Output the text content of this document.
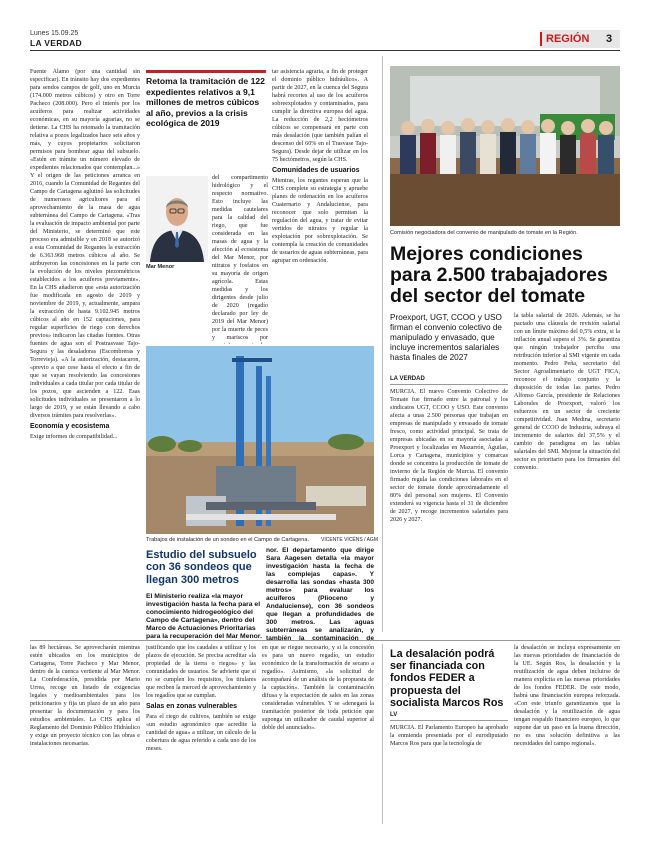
Lunes 15.09.25
LA VERDAD	REGIÓN 3

Fuente Álamo (por una cantidad sin especificar). En tránsito hay dos expedientes para sendos campos de golf, uno en Murcia (174.000 metros cúbicos) y otro en Torre Pacheco (208.000). Pero el interés por los acuíferos para realizar actividades económicas, en su mayoría agrarias, no se detiene. La CHS ha retomado la tramitación relativa a pozos legalizados hace seis años y más, y cuyos propietarios solicitaron permisos para bombear agua del subsuelo. «Estén en trámite un número elevado de expedientes relacionados que contemplan...» Y el origen de las peticiones arranca en 2016, cuando la Comunidad de Regantes del Campo de Cartagena aglutinó las solicitudes de numerosos agricultores para el aprovechamiento de la masa de agua subterránea del Campo de Cartagena. «Tras la evaluación de impacto ambiental por parte del Ministerio, se determinó que este proceso era admisible y en 2018 se autorizó a esta Comunidad de Regantes la extracción de 6.363.968 metros cúbicos al año. Se atribuyeron las concesiones en la parte con la evolución de los niveles piezométricos establecidos a los acuíferos previamente». En la CHS añadieron que «esta autorización fue modificada en agosto de 2019 y noviembre de 2019, y, actualmente, ampara la extracción de hasta 9.102.945 metros cúbicos al año en 152 captaciones, para regular superficies de riego con derechos previos» indicaron las citadas fuentes. Otras fuentes de agua son el Postrasvase Tajo-Segura y las desaladoras (Escombreras y Torrevieja). «A la autorización, destacaron, «previo a que cese hasta el efecto a fin de que se vayan resolviendo las concesiones individuales a cada titular por cada titular de los pozos, que ascienden a 122. Esas solicitudes individuales se presentaron a lo largo de 2019, y se están llevando a cabo diversos trámites para resolverlas».

Economía y ecosistema

Exige informes de compatibilidad...

Retoma la tramitación de 122 expedientes relativos a 9,1 millones de metros cúbicos al año, previos a la crisis ecológica de 2019
Mar Menor

del compartimento hidrológico y el respecto normativo. Esto incluye las medidas cautelares para la calidad del riego, que fue considerada en las masas de agua y la afección al ecosistema del Mar Menor, por nitratos y fosfatos en su mayoría de origen agrícola. Estas medidas y los dirigentes desde julio de 2020 (regadío declarado por ley de 2019 del Mar Menor) por la muerte de peces y mariscos por

tar asistencia agraria, a fin de proteger el dominio público hidráulico». A partir de 2027, en la cuenca del Segura habrá recortes al uso de los acuíferos sobreexplotados y contaminados, para cumplir la directiva europea del agua. La reducción de 2,2 hectómetros cúbicos se compensará en parte con más desalación (que también palían el descenso del 60% en el Trasvase Tajo-Segura). Desde dejar de utilizar en los 75 hectómetros, según la CHS.

Comunidades de usuarios

Mientras, los regantes esperan que la CHS complete su estrategia y apruebe planes de ordenación en los acuíferos Cuaternario y Andaluciense, para reconocer que solo permitan la regulación del agua, y tratar de evitar vertidos de nitratos y regular la explotación por sobrexplotación. Se contempla la creación de comunidades de usuarios de aguas subterráneas, para agrupar en ordenación.

Comisión negociadora del convenio de manipulado de tomate en la Región.
Mejores condiciones para 2.500 trabajadores del sector del tomate
Proexport, UGT, CCOO y USO firman el convenio colectivo de manipulado y envasado, que incluye incrementos salariales hasta finales de 2027
LA VERDAD

MURCIA. El nuevo Convenio Colectivo de Tomate fue firmado entre la patronal y los sindicatos UGT, CCOO y USO. Este convenio afecta a unas 2.500 personas que trabajan en empresas de manipulado y envasado de tomate fresco, como actividad principal. Se trata de empresas ubicadas en su mayoría asociadas a Proexport y localizadas en Mazarrón, Águilas, Lorca y Cartagena, municipios y comarcas donde se concentra la producción de tomate de invierno de la Región de Murcia. El convenio firmado regula las condiciones laborales en el sector de tomate donde aproximadamente el 80% del personal son mujeres. El Convenio extenderá su vigencia hasta el 31 de diciembre de 2027, y recoge incrementos salariales para 2026 y 2027.

la tabla salarial de 2026. Además, se ha pactado una cláusula de revisión salarial con un límite máximo del 0,5% extra, si la inflación anual supera el 3%. Se garantiza que ningún trabajador perciba una retribución inferior al SMI vigente en cada momento. Pedro Peña, secretario del Sector Agroalimentario de UGT FICA, reconoce el trabajo conjunto y la disposición de todas las partes. Pedro Alfonso García, presidente de Relaciones Laborales de Proexport, valoró los esfuerzos en un sector de creciente competitividad. Juan Medina, secretario general de CCOO de Industria, subraya el incremento de salarios del 37,5% y el cambio de paradigma en las tablas salariales del SMI. Mejorar la situación del sector es prioritario para los firmantes del convenio.

Trabajos de instalación de un sondeo en el Campo de Cartagena.	VICENTE VICÉNS / AGM
Estudio del subsuelo con 36 sondeos que llegan 300 metros
El Ministerio realiza «la mayor investigación hasta la fecha para el conocimiento hidrogeológico del Campo de Cartagena», dentro del Marco de Actuaciones Prioritarias para la recuperación del Mar Menor.
nor. El departamento que dirige Sara Aagesen detalla «la mayor investigación hasta la fecha de las complejas capas». Y desarrolla las sondas «hasta 300 metros» para evaluar los acuíferos (Plioceno y Andaluciense), con 36 sondeos que llegan a profundidades de 300 metros. Las aguas subterráneas se analizarán, y también la contaminación de

las 89 hectáreas. Se aprovecharán mientras estén ubicados en los municipios de Cartagena, Torre Pacheco y Mar Menor, dentro de la cuenca vertiente al Mar Menor. La Confederación, presidida por Mario Urrea, recoge un listado de exigencias legales y medioambientales para los peticionarios y fija un plazo de un año para presentar la documentación y para los estudios ambientales. La CHS aplica el Reglamento del Dominio Público Hidráulico y exige un proyecto técnico con las obras e instalaciones necesarias.

justificando que los caudales a utilizar y los plazos de ejecución. Se precisa acreditar «la propiedad de la tierra o riegos» y las comunidades de usuarios. Se advierte que si no se cumplen los requisitos, los titulares que reciben la merced de aprovechamiento y los regadíos que se cumplan.

Salas en zonas vulnerables

Para el riego de cultivos, también se exige «un estudio agronómico que acredite la cantidad de agua» a utilizar, un cálculo de la cobertura de agua referido a cada uno de los meses.

en que se riegue necesario, y si la concesión es para un nuevo regadío, un estudio económico de la transformación de secano a regadío». Asimismo, «la solicitud de acompañará de un análisis de la propuesta de la captación». También la contaminación difusa y la expectación de sales en las zonas consideradas vulnerables. Y se «denegará la tramitación posterior de toda petición que suponga un utilizador de caudal superior al doble del anunciado».

La desalación podrá ser financiada con fondos FEDER a propuesta del socialista Marcos Ros
LV

MURCIA. El Parlamento Europeo ha aprobado la enmienda presentada por el eurodiputado Marcos Ros para que la tecnología de

la desalación se incluya expresamente en las nuevas prioridades de financiación de la UE. Según Ros, la desalación y la reutilización de agua deben incluirse de manera explícita en las nuevas prioridades de los fondos FEDER. De este modo, habrá una financiación europea reforzada. «Con este triunfo garantizamos que la desalación y la reutilización de agua tengan respaldo financiero europeo, lo que supone dar un paso en la buena dirección, no es una solución definitiva a las necesidades del campo regional».
